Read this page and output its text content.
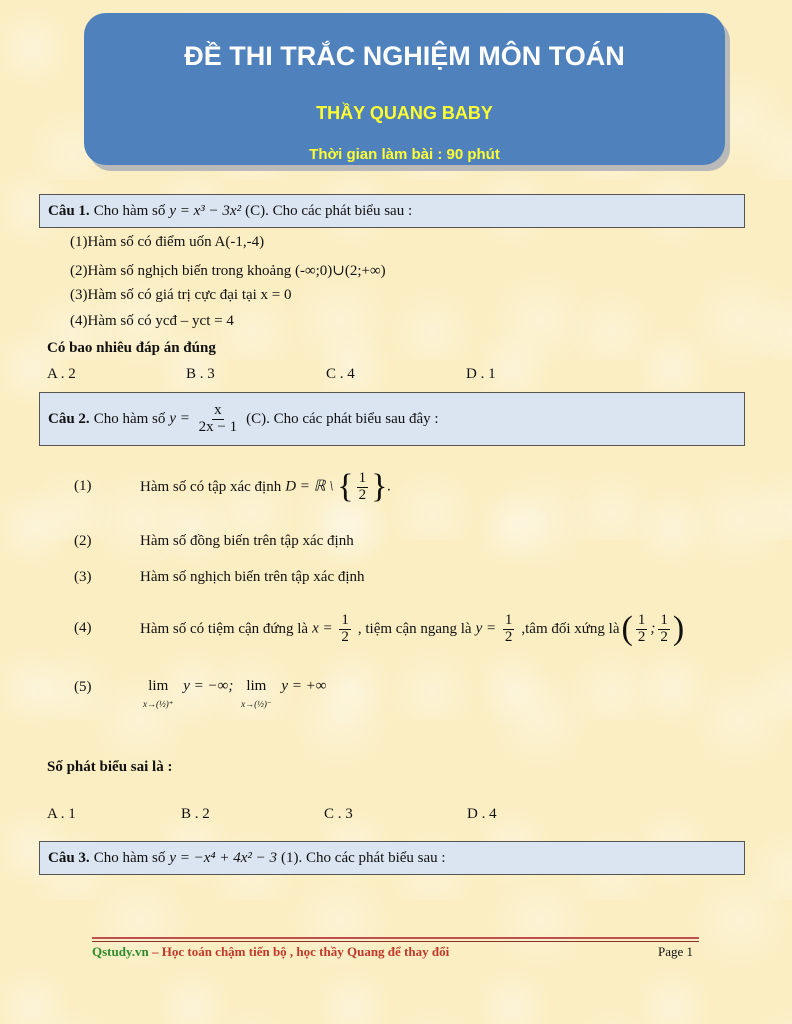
ĐỀ THI TRẮC NGHIỆM MÔN TOÁN
THẦY QUANG BABY
Thời gian làm bài : 90 phút
Câu 1. Cho hàm số y = x³ − 3x² (C). Cho các phát biểu sau :
(1)Hàm số có điểm uốn A(-1,-4)
(2)Hàm số nghịch biến trong khoảng (-∞;0)∪(2;+∞)
(3)Hàm số có giá trị cực đại tại x = 0
(4)Hàm số có ycđ – yct = 4
Có bao nhiêu đáp án đúng
A . 2	B . 3	C . 4	D . 1
Câu 2. Cho hàm số $y = \frac{x}{2x - 1} (C)$. Cho các phát biểu sau đây :
(1)	Hàm số có tập xác định D = ℝ \ { $\frac{1}{2}$ }.
(2)	Hàm số đồng biến trên tập xác định
(3)	Hàm số nghịch biến trên tập xác định
(4)	Hàm số có tiệm cận đứng là $x = \frac{1}{2}$ , tiệm cận ngang là $y = \frac{1}{2}$ ,tâm đối xứng là ( $\frac{1}{2}$ ; $\frac{1}{2}$ )
(5)	lim
x→(½)⁺ y = −∞; lim
x→(½)⁻ y = +∞
Số phát biểu sai là :
A . 1	B . 2	C . 3	D . 4
Câu 3. Cho hàm số y = −x⁴ + 4x² − 3 (1). Cho các phát biểu sau :
Qstudy.vn – Học toán chậm tiến bộ , học thầy Quang để thay đổi	Page 1
